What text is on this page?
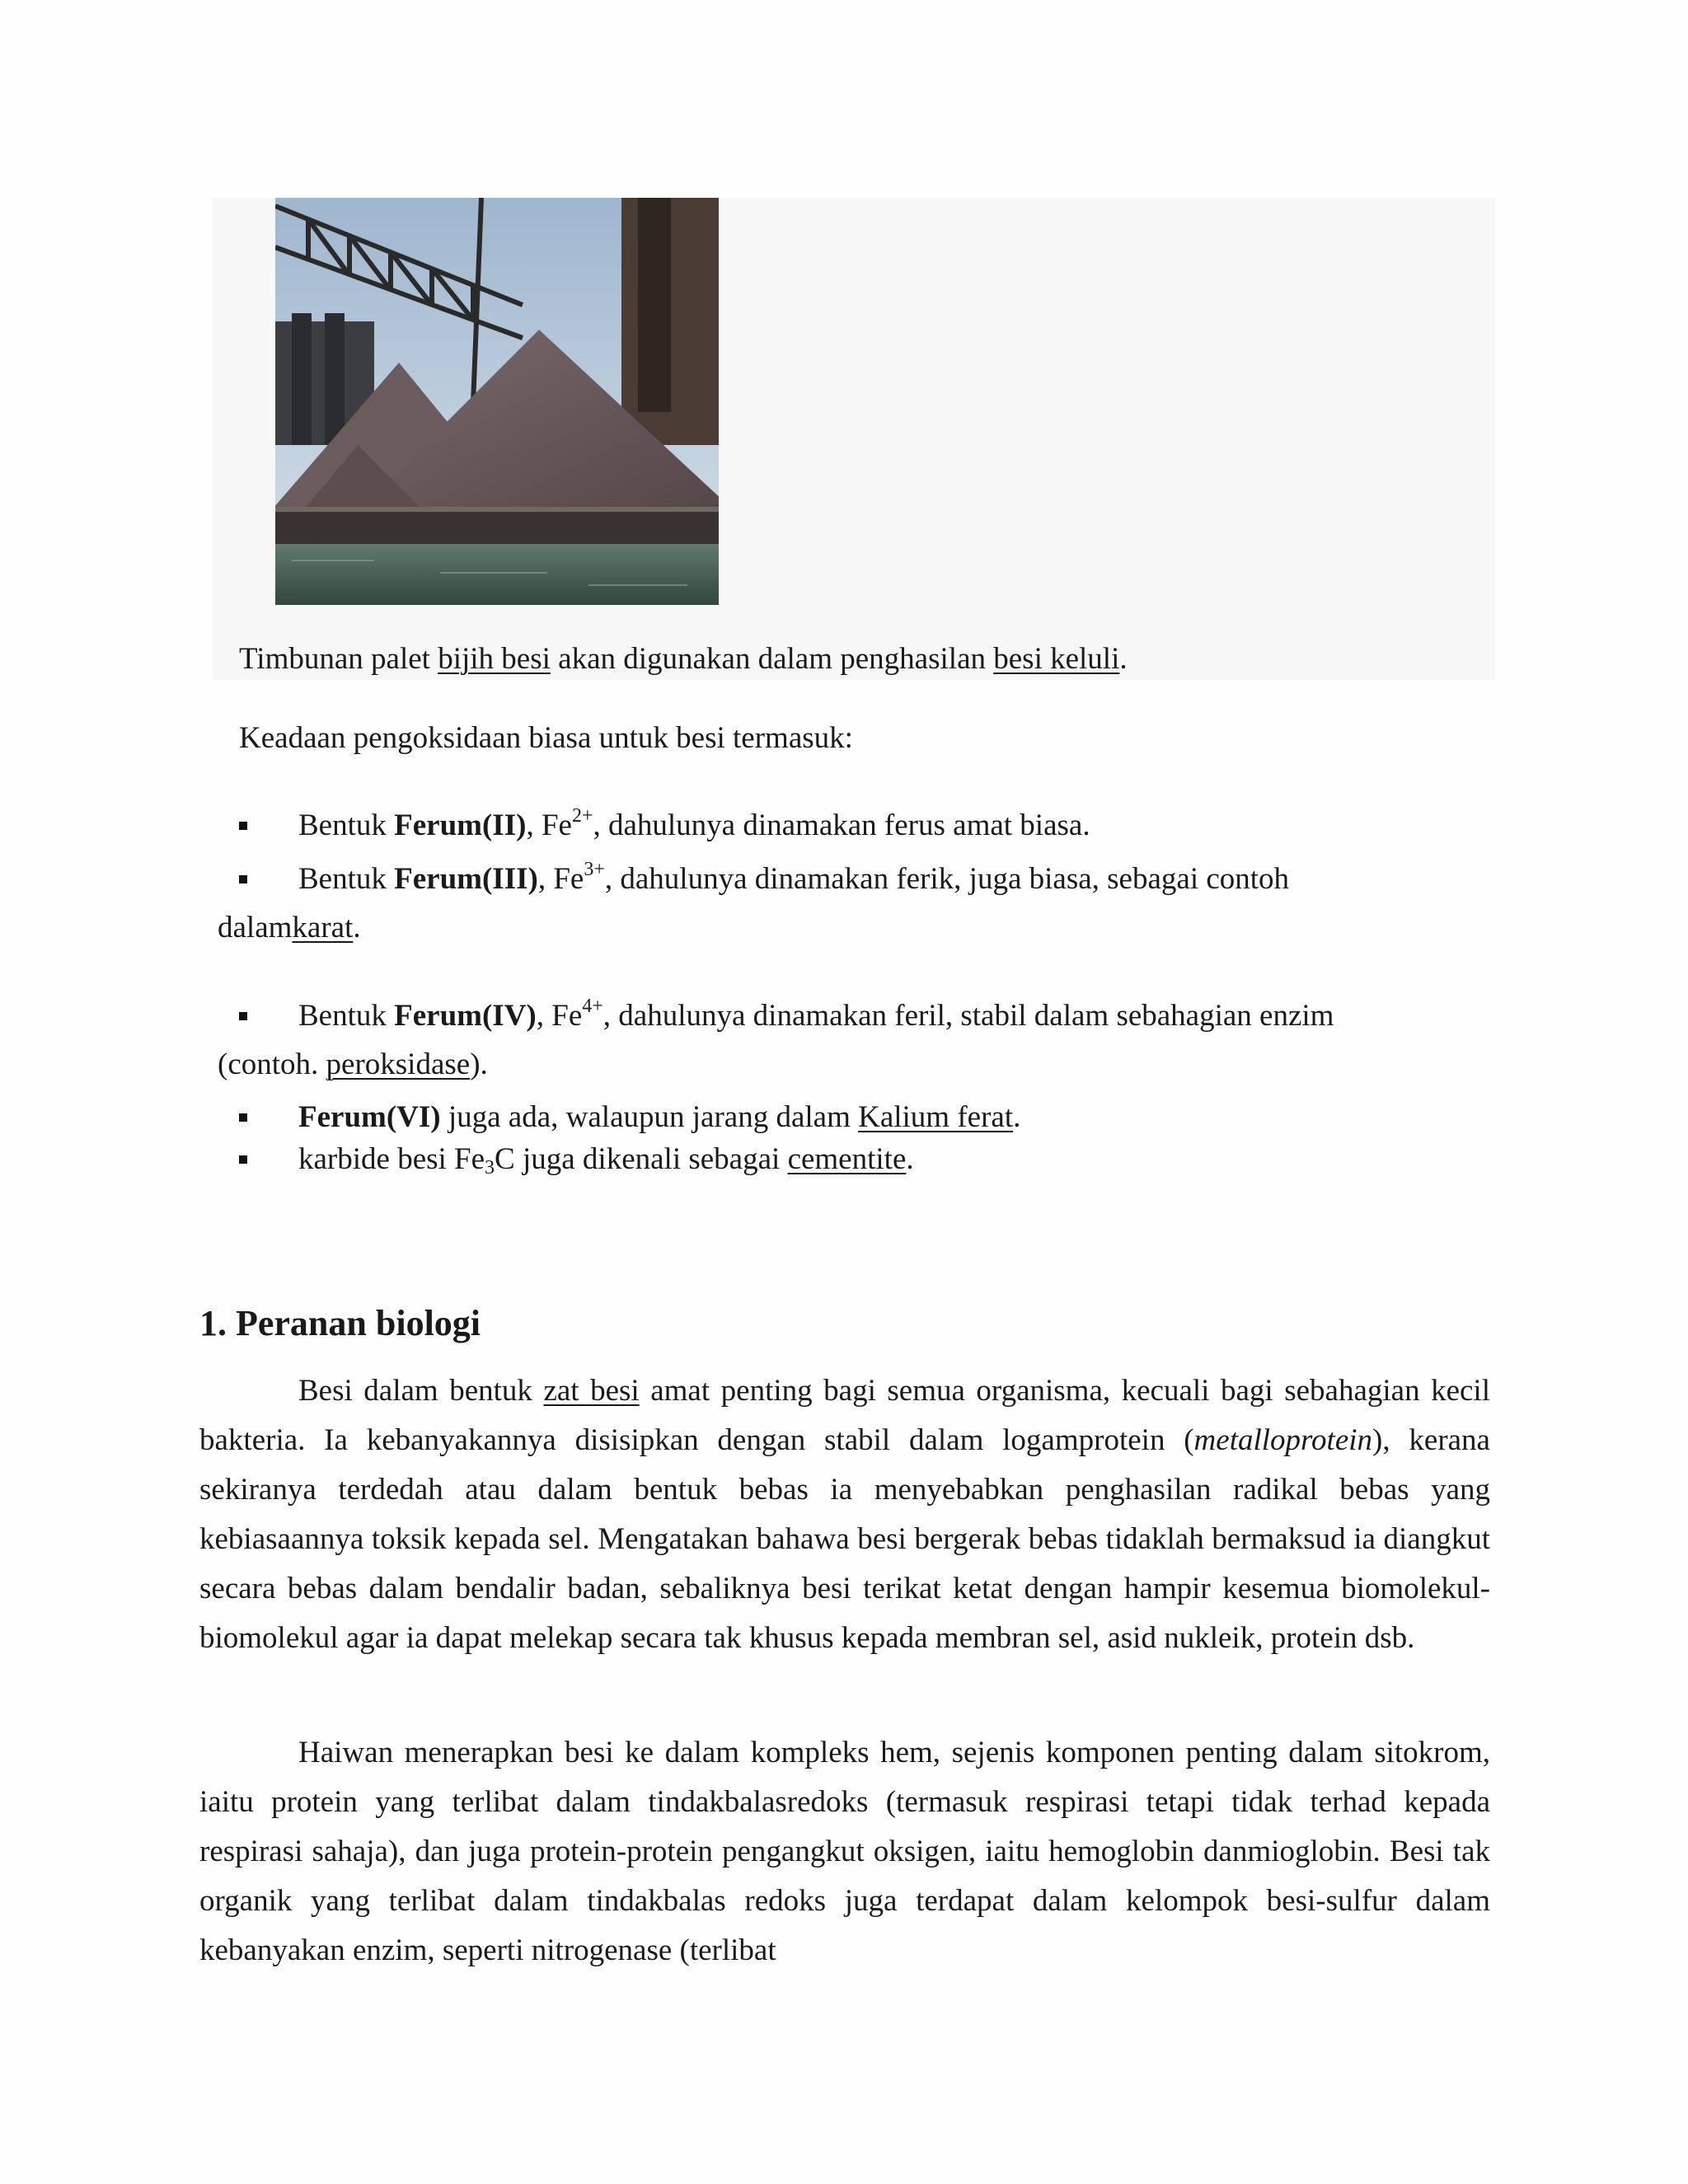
Timbunan palet bijih besi akan digunakan dalam penghasilan besi keluli.
Keadaan pengoksidaan biasa untuk besi termasuk:
Bentuk Ferum(II), $Fe^{2+}$, dahulunya dinamakan ferus amat biasa.
Bentuk Ferum(III), $Fe^{3+}$, dahulunya dinamakan ferik, juga biasa, sebagai contoh
dalamkarat.
Bentuk Ferum(IV), $Fe^{4+}$, dahulunya dinamakan feril, stabil dalam sebahagian enzim
(contoh. peroksidase).
Ferum(VI) juga ada, walaupun jarang dalam Kalium ferat.
karbide besi $Fe_3C$ juga dikenali sebagai cementite.
1. Peranan biologi

Besi dalam bentuk zat besi amat penting bagi semua organisma, kecuali bagi sebahagian kecil bakteria. Ia kebanyakannya disisipkan dengan stabil dalam logamprotein (metalloprotein), kerana sekiranya terdedah atau dalam bentuk bebas ia menyebabkan penghasilan radikal bebas yang kebiasaannya toksik kepada sel. Mengatakan bahawa besi bergerak bebas tidaklah bermaksud ia diangkut secara bebas dalam bendalir badan, sebaliknya besi terikat ketat dengan hampir kesemua biomolekul-biomolekul agar ia dapat melekap secara tak khusus kepada membran sel, asid nukleik, protein dsb.

Haiwan menerapkan besi ke dalam kompleks hem, sejenis komponen penting dalam sitokrom, iaitu protein yang terlibat dalam tindakbalasredoks (termasuk respirasi tetapi tidak terhad kepada respirasi sahaja), dan juga protein-protein pengangkut oksigen, iaitu hemoglobin danmioglobin. Besi tak organik yang terlibat dalam tindakbalas redoks juga terdapat dalam kelompok besi-sulfur dalam kebanyakan enzim, seperti nitrogenase (terlibat
